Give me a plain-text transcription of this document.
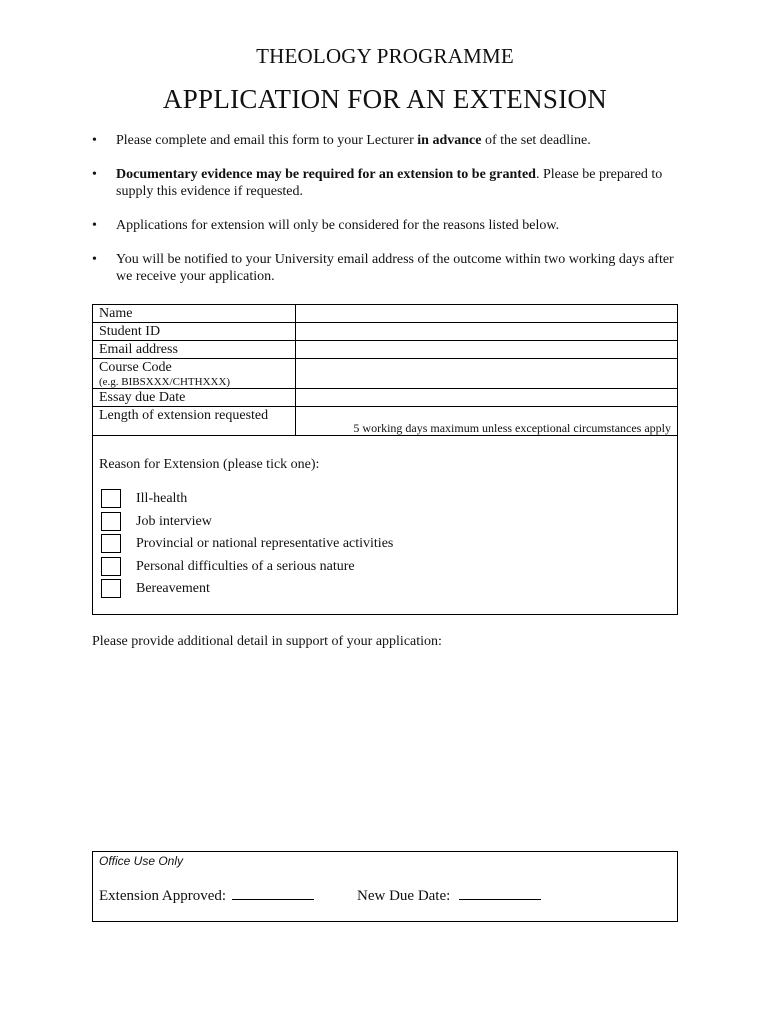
THEOLOGY PROGRAMME
APPLICATION FOR AN EXTENSION
• Please complete and email this form to your Lecturer in advance of the set deadline.
• Documentary evidence may be required for an extension to be granted. Please be prepared to supply this evidence if requested.
• Applications for extension will only be considered for the reasons listed below.
• You will be notified to your University email address of the outcome within two working days after we receive your application.
Name	
Student ID	
Email address	
Course Code
(e.g. BIBSXXX/CHTHXXX)	

Essay due Date	
Length of extension requested	5 working days maximum unless exceptional circumstances apply
Reason for Extension (please tick one):
Ill-health
Job interview
Provincial or national representative activities
Personal difficulties of a serious nature
Bereavement
Please provide additional detail in support of your application:
Office Use Only
Extension Approved:	New Due Date:
